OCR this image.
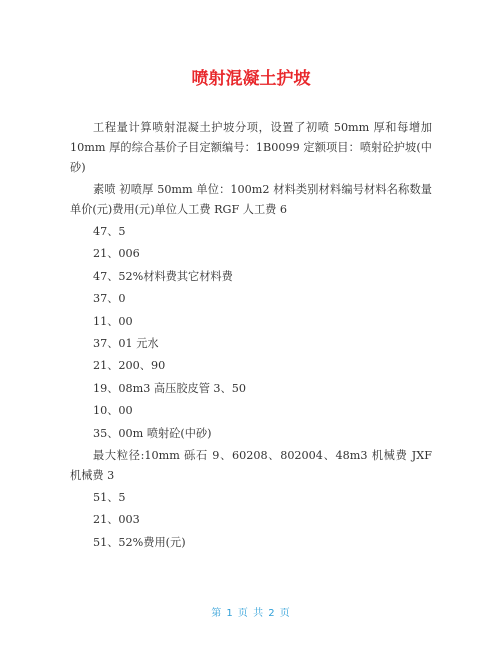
喷射混凝土护坡

工程量计算喷射混凝土护坡分项，设置了初喷 50mm 厚和每增加 10mm 厚的综合基价子目定额编号：1B0099 定额项目：喷射砼护坡(中砂)

素喷 初喷厚 50mm 单位：100m2 材料类别材料编号材料名称数量单价(元)费用(元)单位人工费 RGF 人工费 6

47、5

21、006

47、52%材料费其它材料费

37、0

11、00

37、01 元水

21、200、90

19、08m3 高压胶皮管 3、50

10、00

35、00m 喷射砼(中砂)

最大粒径:10mm 砾石 9、60208、802004、48m3 机械费 JXF 机械费 3

51、5

21、003

51、52%费用(元)

第 1 页 共 2 页
